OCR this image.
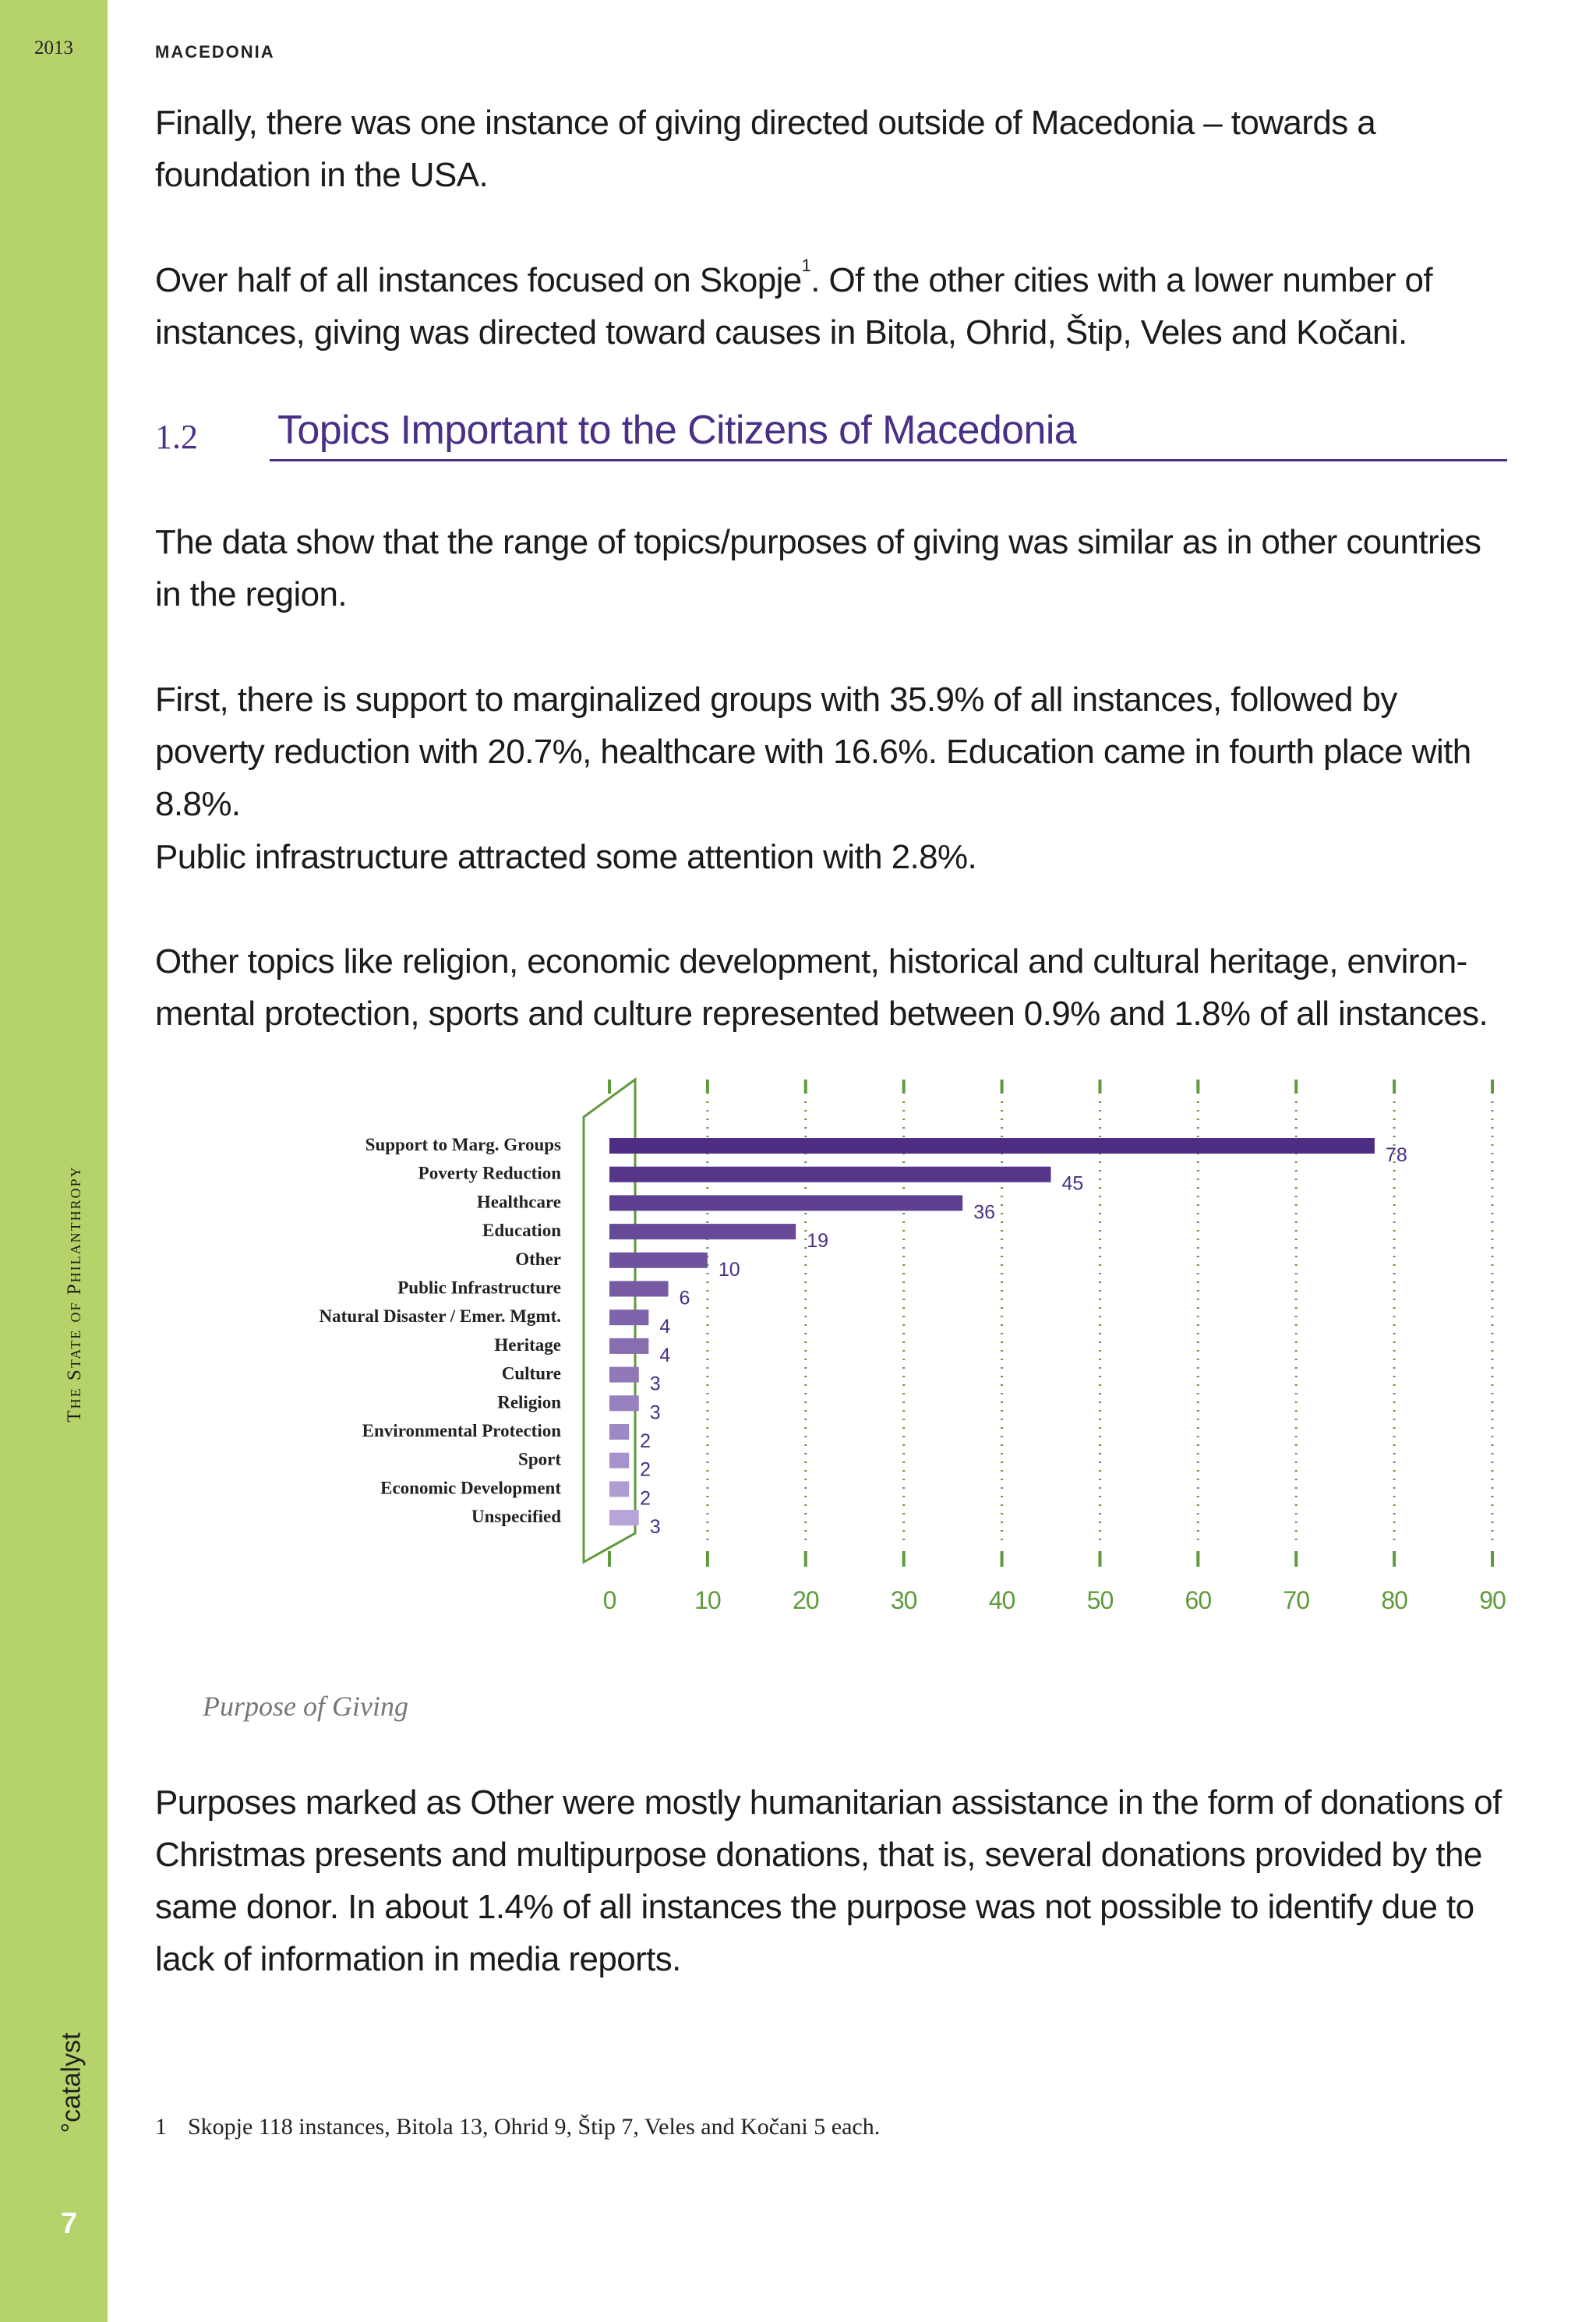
2013
The State of Philanthropy
°catalyst
7
MACEDONIA

Finally, there was one instance of giving directed outside of Macedonia – towards a foundation in the USA.

Over half of all instances focused on Skopje$^1$. Of the other cities with a lower number of instances, giving was directed toward causes in Bitola, Ohrid, Štip, Veles and Kočani.

1.2 Topics Important to the Citizens of Macedonia

The data show that the range of topics/purposes of giving was similar as in other countries in the region.

First, there is support to marginalized groups with 35.9% of all instances, followed by poverty reduction with 20.7%, healthcare with 16.6%. Education came in fourth place with 8.8%.

Public infrastructure attracted some attention with 2.8%.

Other topics like religion, economic development, historical and cultural heritage, environmental protection, sports and culture represented between 0.9% and 1.8% of all instances.

0	10	20	30	40	50	60	70	80	90
Support to Marg. Groups	78
Poverty Reduction	45
Healthcare	36
Education	19
Other	10
Public Infrastructure	6
Natural Disaster / Emer. Mgmt.	4
Heritage	4
Culture	3
Religion	3
Environmental Protection	2
Sport	2
Economic Development	2
Unspecified	3
Purpose of Giving

Purposes marked as Other were mostly humanitarian assistance in the form of donations of Christmas presents and multipurpose donations, that is, several donations provided by the same donor. In about 1.4% of all instances the purpose was not possible to identify due to lack of information in media reports.

1 Skopje 118 instances, Bitola 13, Ohrid 9, Štip 7, Veles and Kočani 5 each.
